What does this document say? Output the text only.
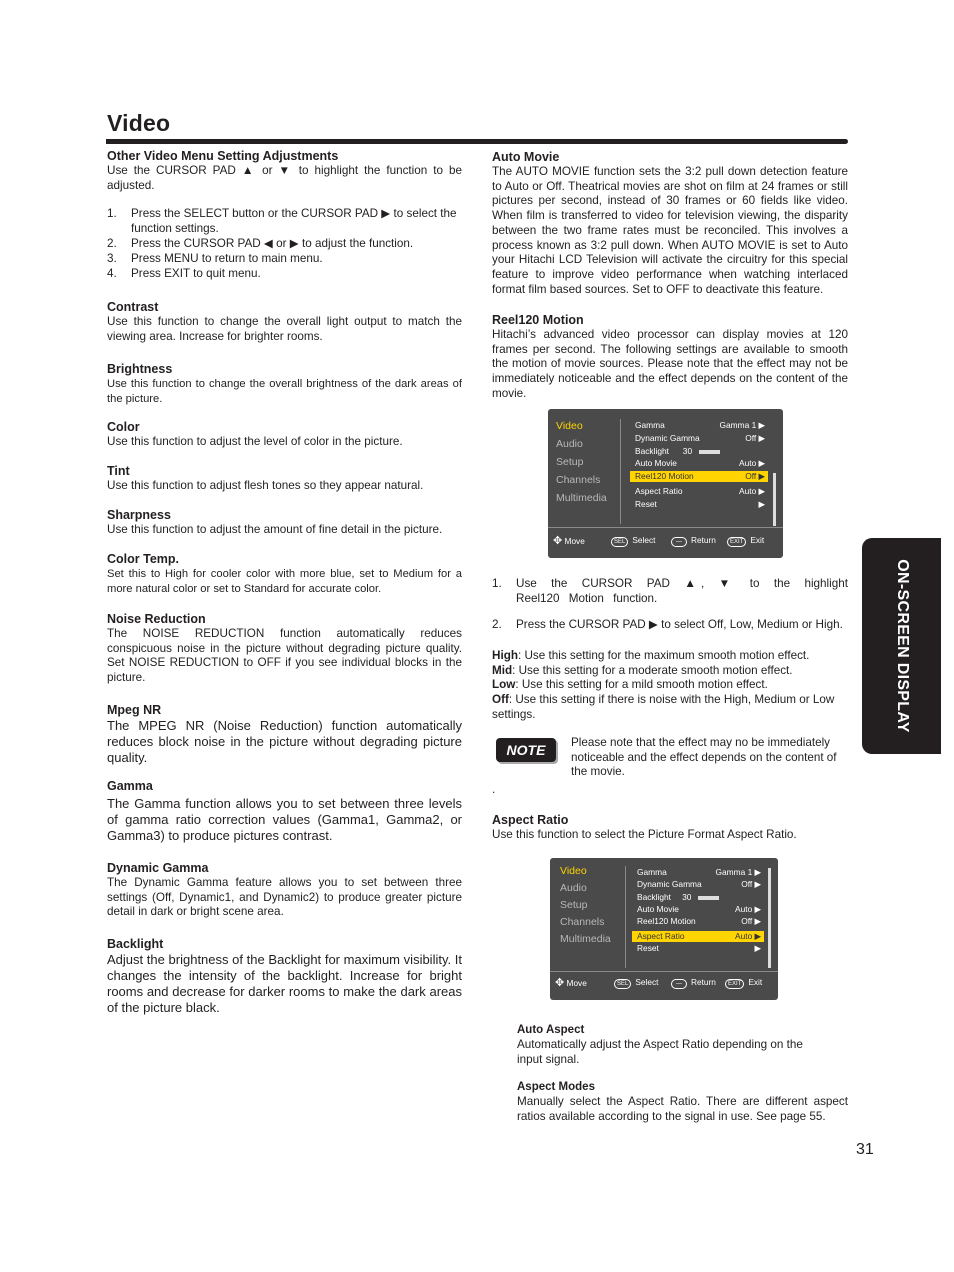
Video
Other Video Menu Setting Adjustments
Use the CURSOR PAD ▲ or ▼ to highlight the function to be adjusted.
1. Press the SELECT button or the CURSOR PAD ▶ to select the function settings.
2. Press the CURSOR PAD ◀ or ▶ to adjust the function.
3. Press MENU to return to main menu.
4. Press EXIT to quit menu.
Contrast
Use this function to change the overall light output to match the viewing area. Increase for brighter rooms.
Brightness
Use this function to change the overall brightness of the dark areas of the picture.
Color
Use this function to adjust the level of color in the picture.
Tint
Use this function to adjust flesh tones so they appear natural.
Sharpness
Use this function to adjust the amount of fine detail in the picture.
Color Temp.
Set this to High for cooler color with more blue, set to Medium for a more natural color or set to Standard for accurate color.
Noise Reduction
The NOISE REDUCTION function automatically reduces conspicuous noise in the picture without degrading picture quality. Set NOISE REDUCTION to OFF if you see individual blocks in the picture.
Mpeg NR
The MPEG NR (Noise Reduction) function automatically reduces block noise in the picture without degrading picture quality.
Gamma
The Gamma function allows you to set between three levels of gamma ratio correction values (Gamma1, Gamma2, or Gamma3) to produce pictures contrast.
Dynamic Gamma
The Dynamic Gamma feature allows you to set between three settings (Off, Dynamic1, and Dynamic2) to produce greater picture detail in dark or bright scene area.
Backlight
Adjust the brightness of the Backlight for maximum visibility. It changes the intensity of the backlight. Increase for bright rooms and decrease for darker rooms to make the dark areas of the picture black.
Auto Movie
The AUTO MOVIE function sets the 3:2 pull down detection feature to Auto or Off. Theatrical movies are shot on film at 24 frames or still pictures per second, instead of 30 frames or 60 fields like video. When film is transferred to video for television viewing, the disparity between the two frame rates must be reconciled. This involves a process known as 3:2 pull down. When AUTO MOVIE is set to Auto your Hitachi LCD Television will activate the circuitry for this special feature to improve video performance when watching interlaced format film based sources. Set to OFF to deactivate this feature.
Reel120 Motion
Hitachi’s advanced video processor can display movies at 120 frames per second. The following settings are available to smooth the motion of movie sources. Please note that the effect may not be immediately noticeable and the effect depends on the content of the movie.
Video
Audio
Setup
Channels
Multimedia
Gamma	Gamma 1 ▶
Dynamic Gamma	Off ▶
Backlight 30
Auto Movie	Auto ▶
Reel120 Motion	Off ▶
Aspect Ratio	Auto ▶
Reset	▶
✥ Move	SEL Select	— Return	EXIT Exit
1. Use the CURSOR PAD ▲, ▼ to the highlight Reel120 Motion function.
2. Press the CURSOR PAD ▶ to select Off, Low, Medium or High.
High: Use this setting for the maximum smooth motion effect.
Mid: Use this setting for a moderate smooth motion effect.
Low: Use this setting for a mild smooth motion effect.
Off: Use this setting if there is noise with the High, Medium or Low settings.
NOTE	Please note that the effect may no be immediately noticeable and the effect depends on the content of the movie.
.
Aspect Ratio
Use this function to select the Picture Format Aspect Ratio.
Video
Audio
Setup
Channels
Multimedia
Gamma	Gamma 1 ▶
Dynamic Gamma	Off ▶
Backlight 30
Auto Movie	Auto ▶
Reel120 Motion	Off ▶
Aspect Ratio	Auto ▶
Reset	▶
✥ Move	SEL Select	— Return	EXIT Exit
Auto Aspect
Automatically adjust the Aspect Ratio depending on the input signal.
Aspect Modes
Manually select the Aspect Ratio. There are different aspect ratios available according to the signal in use. See page 55.
ON-SCREEN DISPLAY
31
